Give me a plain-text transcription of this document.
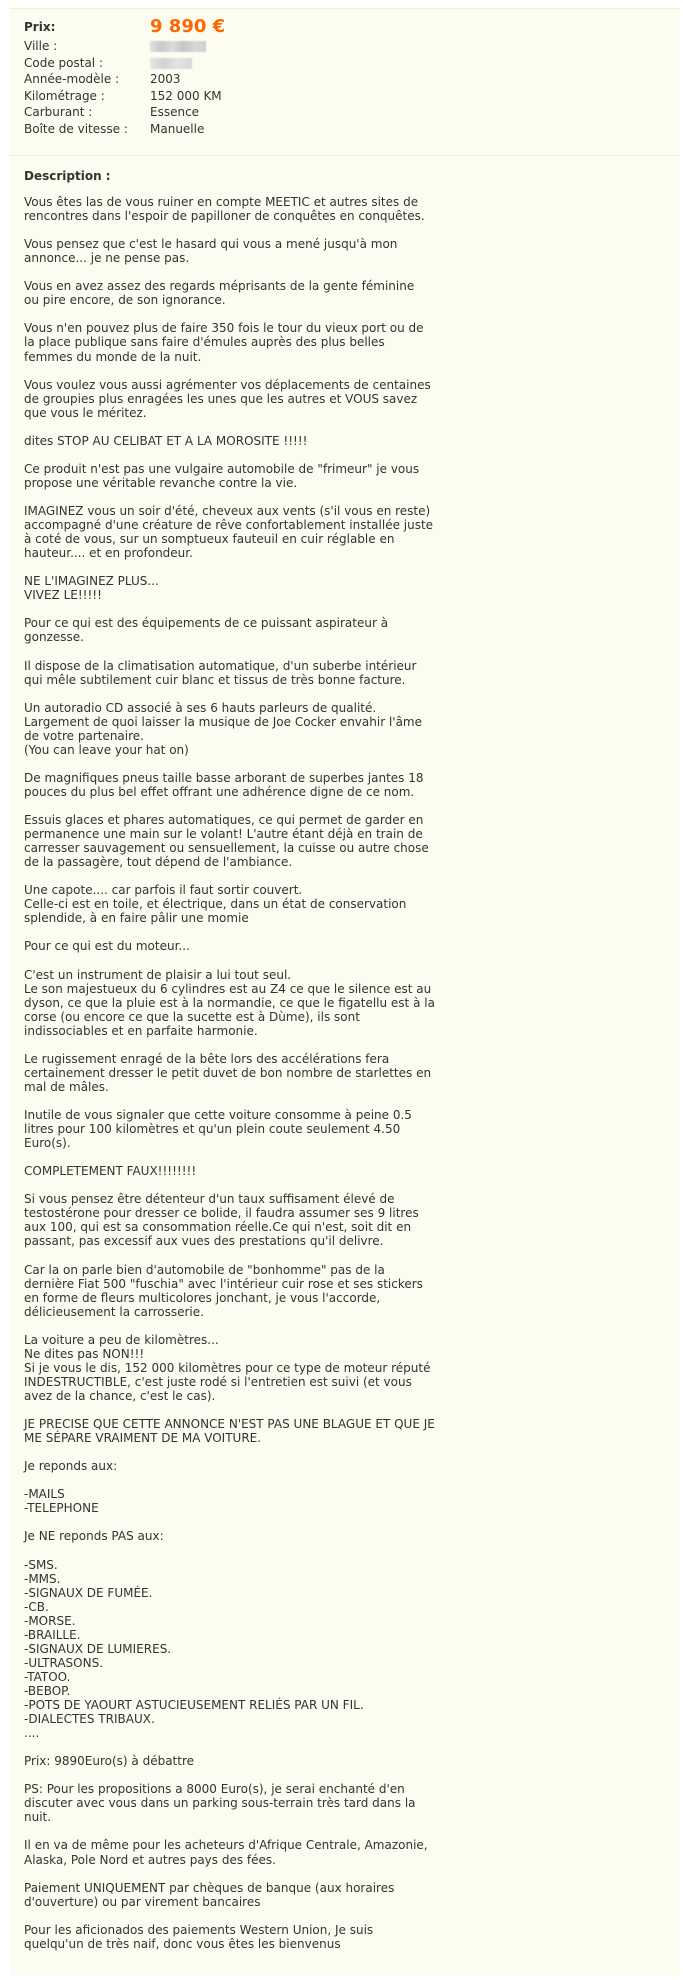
Prix:	9 890 €
Ville :
Code postal :
Année-modèle :	2003
Kilométrage :	152 000 KM
Carburant :	Essence
Boîte de vitesse :	Manuelle
Description :
Vous êtes las de vous ruiner en compte MEETIC et autres sites de
rencontres dans l'espoir de papilloner de conquêtes en conquêtes.

Vous pensez que c'est le hasard qui vous a mené jusqu'à mon
annonce... je ne pense pas.

Vous en avez assez des regards méprisants de la gente féminine
ou pire encore, de son ignorance.

Vous n'en pouvez plus de faire 350 fois le tour du vieux port ou de
la place publique sans faire d'émules auprès des plus belles
femmes du monde de la nuit.

Vous voulez vous aussi agrémenter vos déplacements de centaines
de groupies plus enragées les unes que les autres et VOUS savez
que vous le méritez.

dites STOP AU CELIBAT ET A LA MOROSITE !!!!!

Ce produit n'est pas une vulgaire automobile de "frimeur" je vous
propose une véritable revanche contre la vie.

IMAGINEZ vous un soir d'été, cheveux aux vents (s'il vous en reste)
accompagné d'une créature de rêve confortablement installée juste
à coté de vous, sur un somptueux fauteuil en cuir réglable en
hauteur.... et en profondeur.

NE L'IMAGINEZ PLUS...
VIVEZ LE!!!!!

Pour ce qui est des équipements de ce puissant aspirateur à
gonzesse.

Il dispose de la climatisation automatique, d'un suberbe intérieur
qui mêle subtilement cuir blanc et tissus de très bonne facture.

Un autoradio CD associé à ses 6 hauts parleurs de qualité.
Largement de quoi laisser la musique de Joe Cocker envahir l'âme
de votre partenaire.
(You can leave your hat on)

De magnifiques pneus taille basse arborant de superbes jantes 18
pouces du plus bel effet offrant une adhérence digne de ce nom.

Essuis glaces et phares automatiques, ce qui permet de garder en
permanence une main sur le volant! L'autre étant déjà en train de
carresser sauvagement ou sensuellement, la cuisse ou autre chose
de la passagère, tout dépend de l'ambiance.

Une capote.... car parfois il faut sortir couvert.
Celle-ci est en toile, et électrique, dans un état de conservation
splendide, à en faire pâlir une momie

Pour ce qui est du moteur...

C'est un instrument de plaisir a lui tout seul.
Le son majestueux du 6 cylindres est au Z4 ce que le silence est au
dyson, ce que la pluie est à la normandie, ce que le figatellu est à la
corse (ou encore ce que la sucette est à Dùme), ils sont
indissociables et en parfaite harmonie.

Le rugissement enragé de la bête lors des accélérations fera
certainement dresser le petit duvet de bon nombre de starlettes en
mal de mâles.

Inutile de vous signaler que cette voiture consomme à peine 0.5
litres pour 100 kilomètres et qu'un plein coute seulement 4.50
Euro(s).

COMPLETEMENT FAUX!!!!!!!!

Si vous pensez être détenteur d'un taux suffisament élevé de
testostérone pour dresser ce bolide, il faudra assumer ses 9 litres
aux 100, qui est sa consommation réelle.Ce qui n'est, soit dit en
passant, pas excessif aux vues des prestations qu'il delivre.

Car la on parle bien d'automobile de "bonhomme" pas de la
dernière Fiat 500 "fuschia" avec l'intérieur cuir rose et ses stickers
en forme de fleurs multicolores jonchant, je vous l'accorde,
délicieusement la carrosserie.

La voiture a peu de kilomètres...
Ne dites pas NON!!!
Si je vous le dis, 152 000 kilomètres pour ce type de moteur réputé
INDESTRUCTIBLE, c'est juste rodé si l'entretien est suivi (et vous
avez de la chance, c'est le cas).

JE PRECISE QUE CETTE ANNONCE N'EST PAS UNE BLAGUE ET QUE JE
ME SÉPARE VRAIMENT DE MA VOITURE.

Je reponds aux:

-MAILS
-TELEPHONE

Je NE reponds PAS aux:

-SMS.
-MMS.
-SIGNAUX DE FUMÉE.
-CB.
-MORSE.
-BRAILLE.
-SIGNAUX DE LUMIERES.
-ULTRASONS.
-TATOO.
-BEBOP.
-POTS DE YAOURT ASTUCIEUSEMENT RELIÉS PAR UN FIL.
-DIALECTES TRIBAUX.
....

Prix: 9890Euro(s) à débattre

PS: Pour les propositions a 8000 Euro(s), je serai enchanté d'en
discuter avec vous dans un parking sous-terrain très tard dans la
nuit.

Il en va de même pour les acheteurs d'Afrique Centrale, Amazonie,
Alaska, Pole Nord et autres pays des fées.

Paiement UNIQUEMENT par chèques de banque (aux horaires
d'ouverture) ou par virement bancaires

Pour les aficionados des paiements Western Union, Je suis
quelqu'un de très naif, donc vous êtes les bienvenus
